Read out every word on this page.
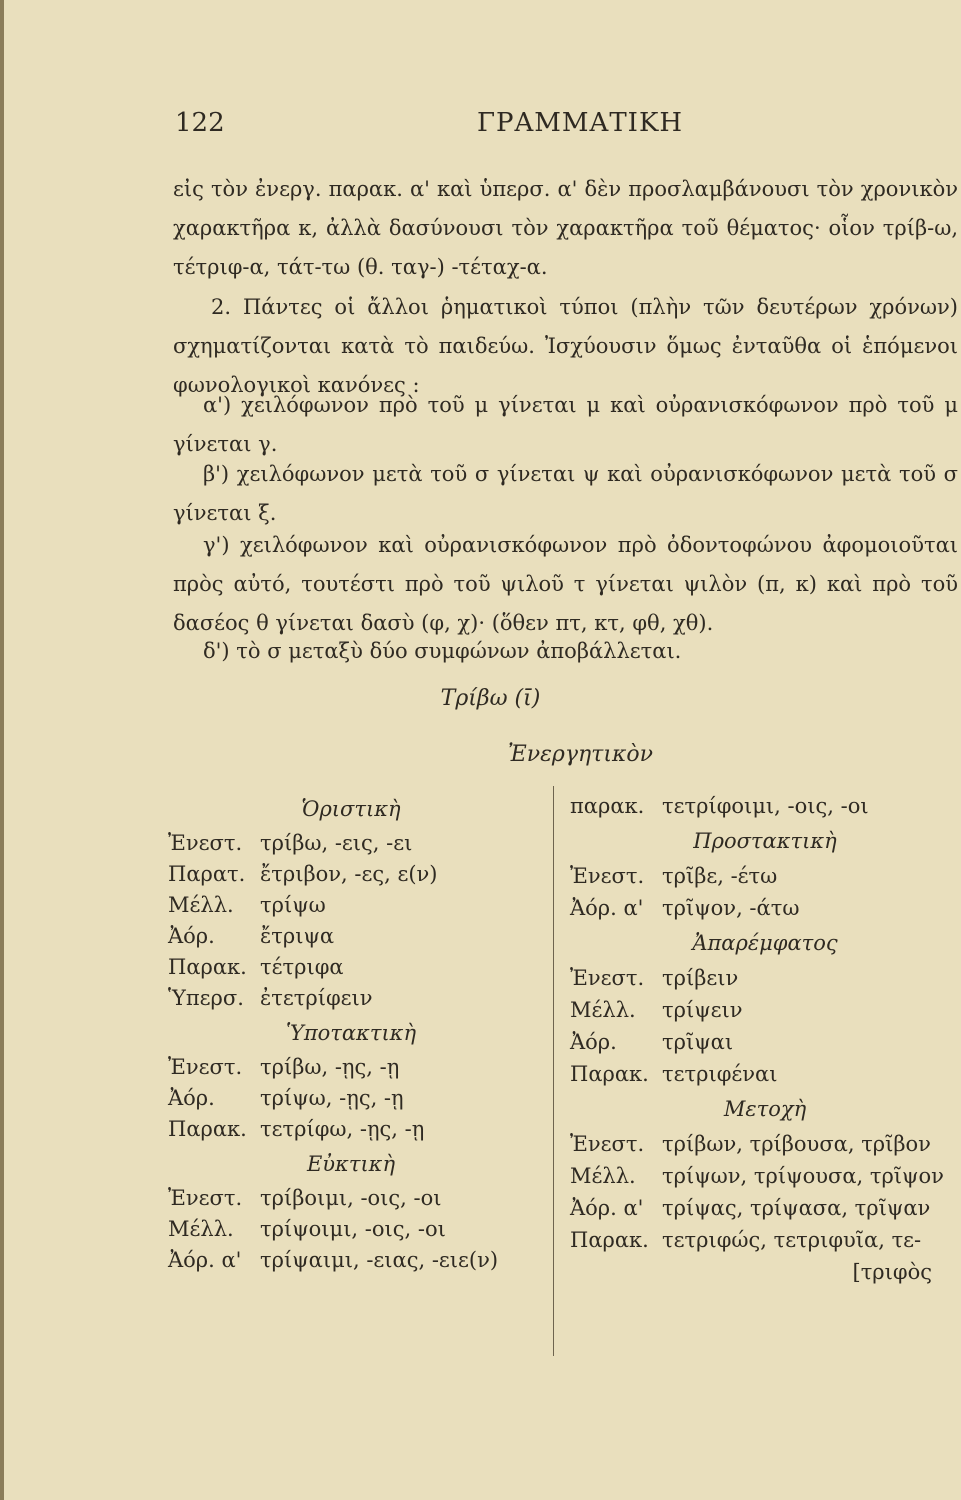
122	ΓΡΑΜΜΑΤΙΚΗ

εἰς τὸν ἐνεργ. παρακ. α' καὶ ὑπερσ. α' δὲν προσλαμβάνουσι τὸν χρονικὸν χαρακτῆρα κ, ἀλλὰ δασύνουσι τὸν χαρακτῆρα τοῦ θέματος· οἷον τρίβ-ω, τέτριφ-α, τάτ-τω (θ. ταγ-) -τέταχ-α.

2. Πάντες οἱ ἄλλοι ῥηματικοὶ τύποι (πλὴν τῶν δευτέρων χρόνων) σχηματίζονται κατὰ τὸ παιδεύω. Ἰσχύουσιν ὅμως ἐνταῦθα οἱ ἑπόμενοι φωνολογικοὶ κανόνες :

α') χειλόφωνον πρὸ τοῦ μ γίνεται μ καὶ οὐρανισκόφωνον πρὸ τοῦ μ γίνεται γ.

β') χειλόφωνον μετὰ τοῦ σ γίνεται ψ καὶ οὐρανισκόφωνον μετὰ τοῦ σ γίνεται ξ.

γ') χειλόφωνον καὶ οὐρανισκόφωνον πρὸ ὀδοντοφώνου ἀφομοιοῦται πρὸς αὐτό, τουτέστι πρὸ τοῦ ψιλοῦ τ γίνεται ψιλὸν (π, κ) καὶ πρὸ τοῦ δασέος θ γίνεται δασὺ (φ, χ)· (ὅθεν πτ, κτ, φθ, χθ).

δ') τὸ σ μεταξὺ δύο συμφώνων ἀποβάλλεται.

Τρίβω (ῑ)
Ἐνεργητικὸν
Ὁριστικὴ
Ἐνεστ. τρίβω, -εις, -ει
Παρατ. ἔτριβον, -ες, ε(ν)
Μέλλ.	τρίψω
Ἀόρ.	ἔτριψα
Παρακ. τέτριφα
Ὑπερσ. ἐτετρίφειν
Ὑποτακτικὴ
Ἐνεστ. τρίβω, -ῃς, -ῃ
Ἀόρ.	τρίψω, -ῃς, -ῃ
Παρακ. τετρίφω, -ῃς, -ῃ
Εὐκτικὴ
Ἐνεστ. τρίβοιμι, -οις, -οι
Μέλλ.	τρίψοιμι, -οις, -οι
Ἀόρ. α' τρίψαιμι, -ειας, -ειε(ν)
παρακ. τετρίφοιμι, -οις, -οι
Προστακτικὴ
Ἐνεστ. τρῖβε, -έτω
Ἀόρ. α' τρῖψον, -άτω
Ἀπαρέμφατος
Ἐνεστ. τρίβειν
Μέλλ.	τρίψειν
Ἀόρ.	τρῖψαι
Παρακ. τετριφέναι
Μετοχὴ
Ἐνεστ. τρίβων, τρίβουσα, τρῖβον
Μέλλ.	τρίψων, τρίψουσα, τρῖψον
Ἀόρ. α' τρίψας, τρίψασα, τρῖψαν
Παρακ. τετριφώς, τετριφυῖα, τε-
[τριφὸς
